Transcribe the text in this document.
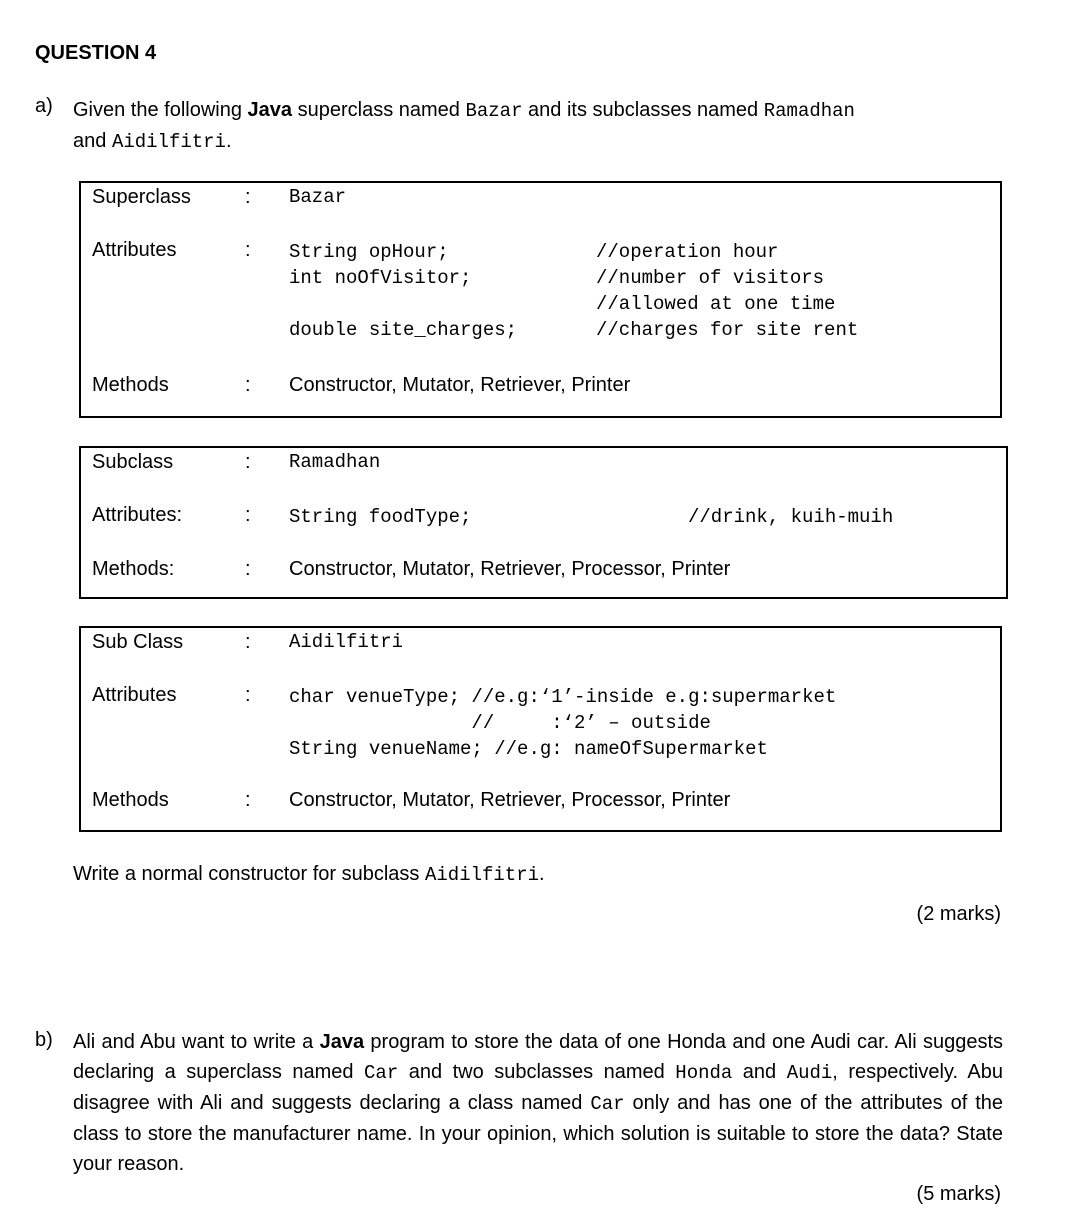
QUESTION 4
a) Given the following Java superclass named Bazar and its subclasses named Ramadhan
and Aidilfitri.
Superclass	: Bazar
Attributes	: String opHour;	//operation hour
int noOfVisitor;	//number of visitors
//allowed at one time
double site_charges;	//charges for site rent
Methods	: Constructor, Mutator, Retriever, Printer
Subclass	: Ramadhan
Attributes:	: String foodType;	//drink, kuih-muih
Methods:	: Constructor, Mutator, Retriever, Processor, Printer
Sub Class	: Aidilfitri
Attributes	: char venueType; //e.g:‘1’-inside e.g:supermarket
//     :‘2’ – outside
String venueName; //e.g: nameOfSupermarket
Methods	: Constructor, Mutator, Retriever, Processor, Printer
Write a normal constructor for subclass Aidilfitri.
(2 marks)
b) Ali and Abu want to write a Java program to store the data of one Honda and one Audi car. Ali suggests declaring a superclass named Car and two subclasses named Honda and Audi, respectively. Abu disagree with Ali and suggests declaring a class named Car only and has one of the attributes of the class to store the manufacturer name. In your opinion, which solution is suitable to store the data? State your reason.
(5 marks)
